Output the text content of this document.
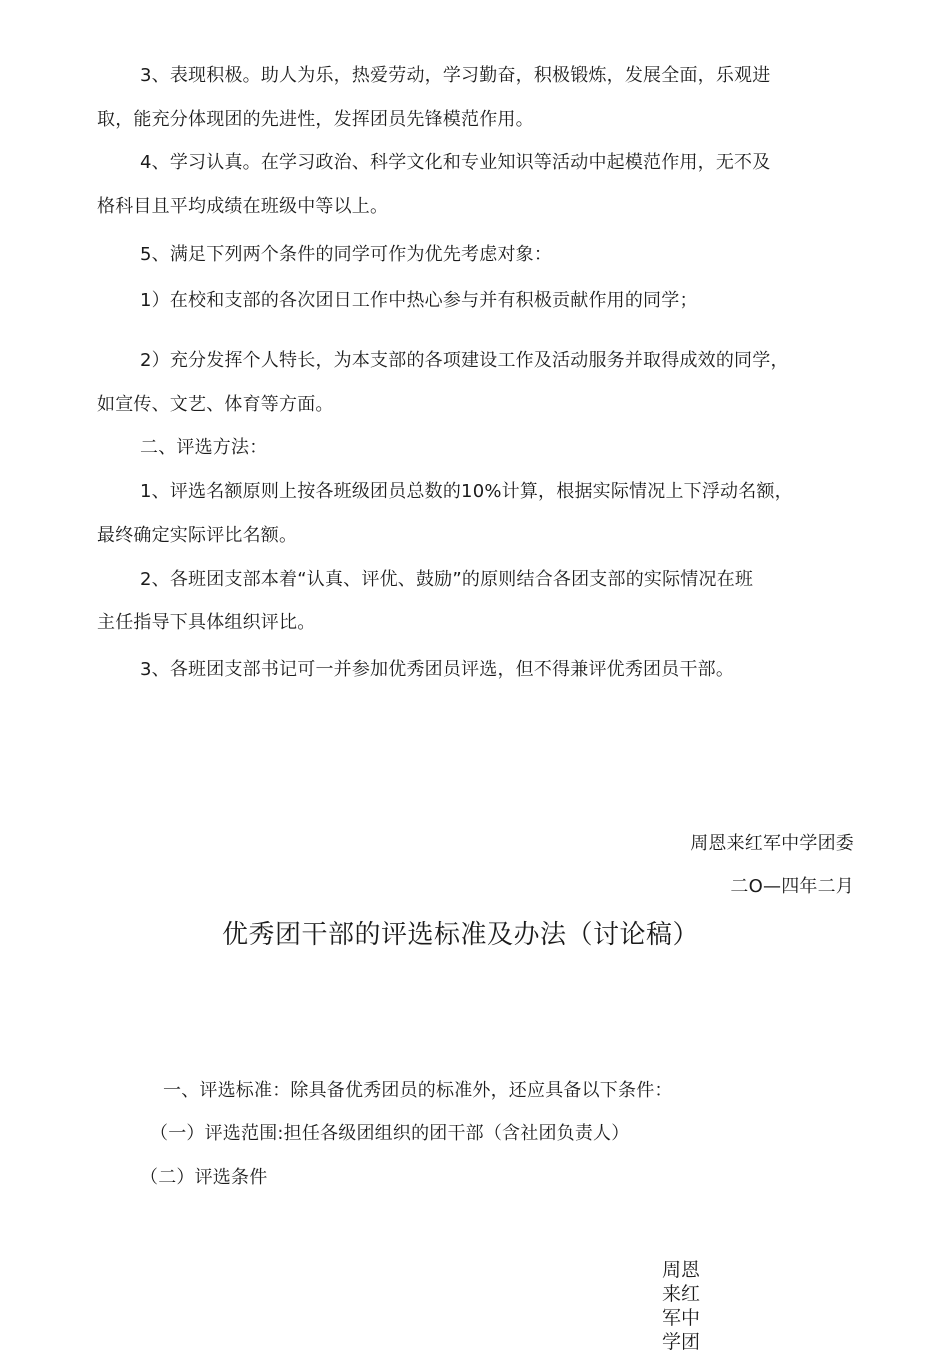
3、表现积极。助人为乐，热爱劳动，学习勤奋，积极锻炼，发展全面，乐观进
取，能充分体现团的先进性，发挥团员先锋模范作用。
4、学习认真。在学习政治、科学文化和专业知识等活动中起模范作用，无不及
格科目且平均成绩在班级中等以上。
5、满足下列两个条件的同学可作为优先考虑对象：
1）在校和支部的各次团日工作中热心参与并有积极贡献作用的同学；
2）充分发挥个人特长，为本支部的各项建设工作及活动服务并取得成效的同学，
如宣传、文艺、体育等方面。
二、评选方法：
1、评选名额原则上按各班级团员总数的10%计算，根据实际情况上下浮动名额，
最终确定实际评比名额。
2、各班团支部本着“认真、评优、鼓励”的原则结合各团支部的实际情况在班
主任指导下具体组织评比。
3、各班团支部书记可一并参加优秀团员评选，但不得兼评优秀团员干部。
周恩来红军中学团委
二O—四年二月
优秀团干部的评选标准及办法（讨论稿）
一、评选标准：除具备优秀团员的标准外，还应具备以下条件：
（一）评选范围:担任各级团组织的团干部（含社团负责人）
（二）评选条件
周恩来红军中学团
